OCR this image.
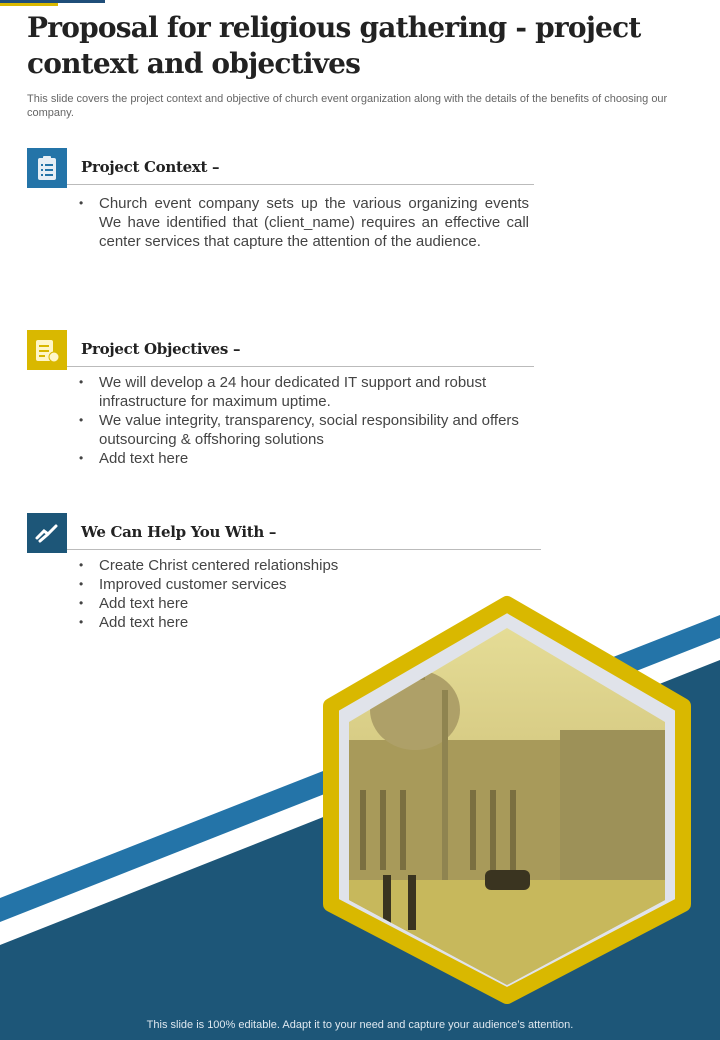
Proposal for religious gathering - project context and objectives

This slide covers the project context and objective of church event organization along with the details of the benefits of choosing our company.

Project Context –
• Church event company sets up the various organizing events We have identified that (client_name) requires an effective call center services that capture the attention of the audience.
Project Objectives –
• We will develop a 24 hour dedicated IT support and robust infrastructure for maximum uptime.
• We value integrity, transparency, social responsibility and offers outsourcing & offshoring solutions
• Add text here
We Can Help You With –
• Create Christ centered relationships
• Improved customer services
• Add text here
• Add text here
This slide is 100% editable. Adapt it to your need and capture your audience’s attention.
